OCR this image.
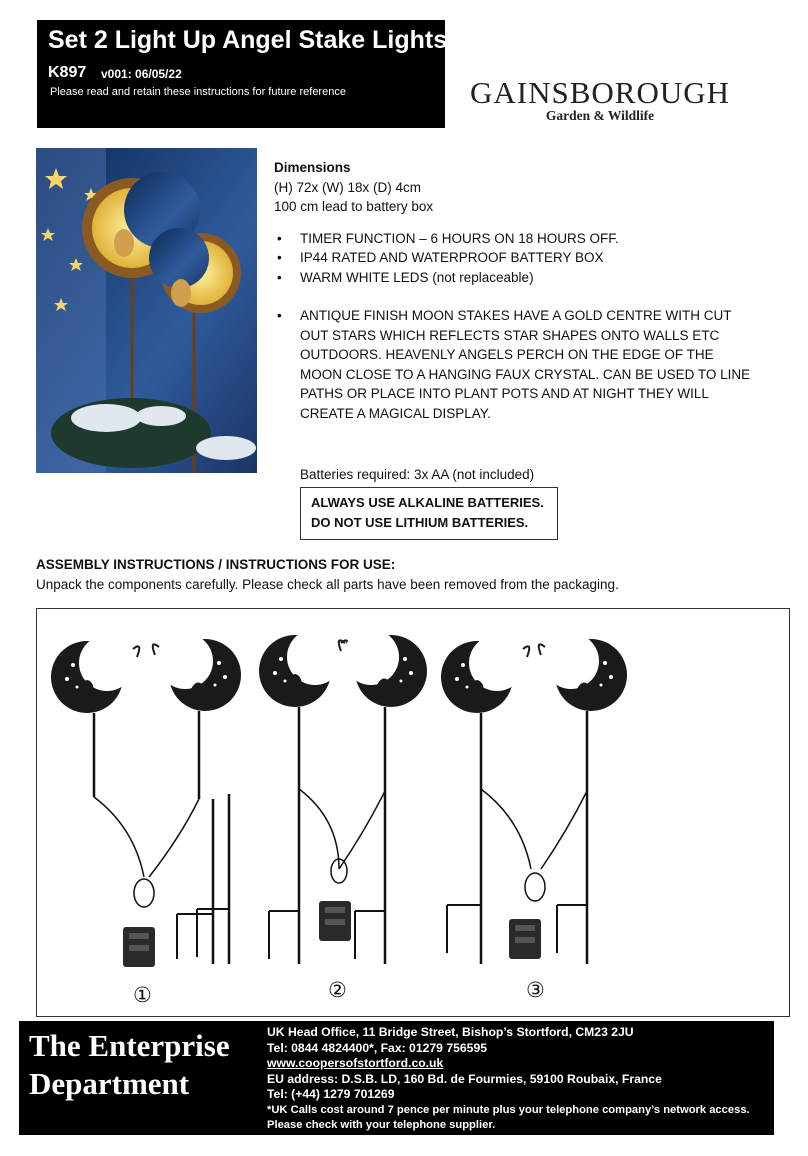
Set 2 Light Up Angel Stake Lights
K897 v001: 06/05/22
Please read and retain these instructions for future reference	GAINSBOROUGH
Garden & Wildlife
Dimensions
(H) 72x (W) 18x (D) 4cm
100 cm lead to battery box
• TIMER FUNCTION – 6 HOURS ON 18 HOURS OFF.
• IP44 RATED AND WATERPROOF BATTERY BOX
• WARM WHITE LEDS (not replaceable)
• ANTIQUE FINISH MOON STAKES HAVE A GOLD CENTRE WITH CUT OUT STARS WHICH REFLECTS STAR SHAPES ONTO WALLS ETC OUTDOORS. HEAVENLY ANGELS PERCH ON THE EDGE OF THE MOON CLOSE TO A HANGING FAUX CRYSTAL. CAN BE USED TO LINE PATHS OR PLACE INTO PLANT POTS AND AT NIGHT THEY WILL CREATE A MAGICAL DISPLAY.
Batteries required: 3x AA (not included)
ALWAYS USE ALKALINE BATTERIES.
DO NOT USE LITHIUM BATTERIES.
ASSEMBLY INSTRUCTIONS / INSTRUCTIONS FOR USE:
Unpack the components carefully. Please check all parts have been removed from the packaging.
①	②	③
The Enterprise Department
UK Head Office, 11 Bridge Street, Bishop’s Stortford, CM23 2JU
Tel: 0844 4824400*, Fax: 01279 756595
www.coopersofstortford.co.uk
EU address: D.S.B. LD, 160 Bd. de Fourmies, 59100 Roubaix, France
Tel: (+44) 1279 701269
*UK Calls cost around 7 pence per minute plus your telephone company’s network access.
Please check with your telephone supplier.
